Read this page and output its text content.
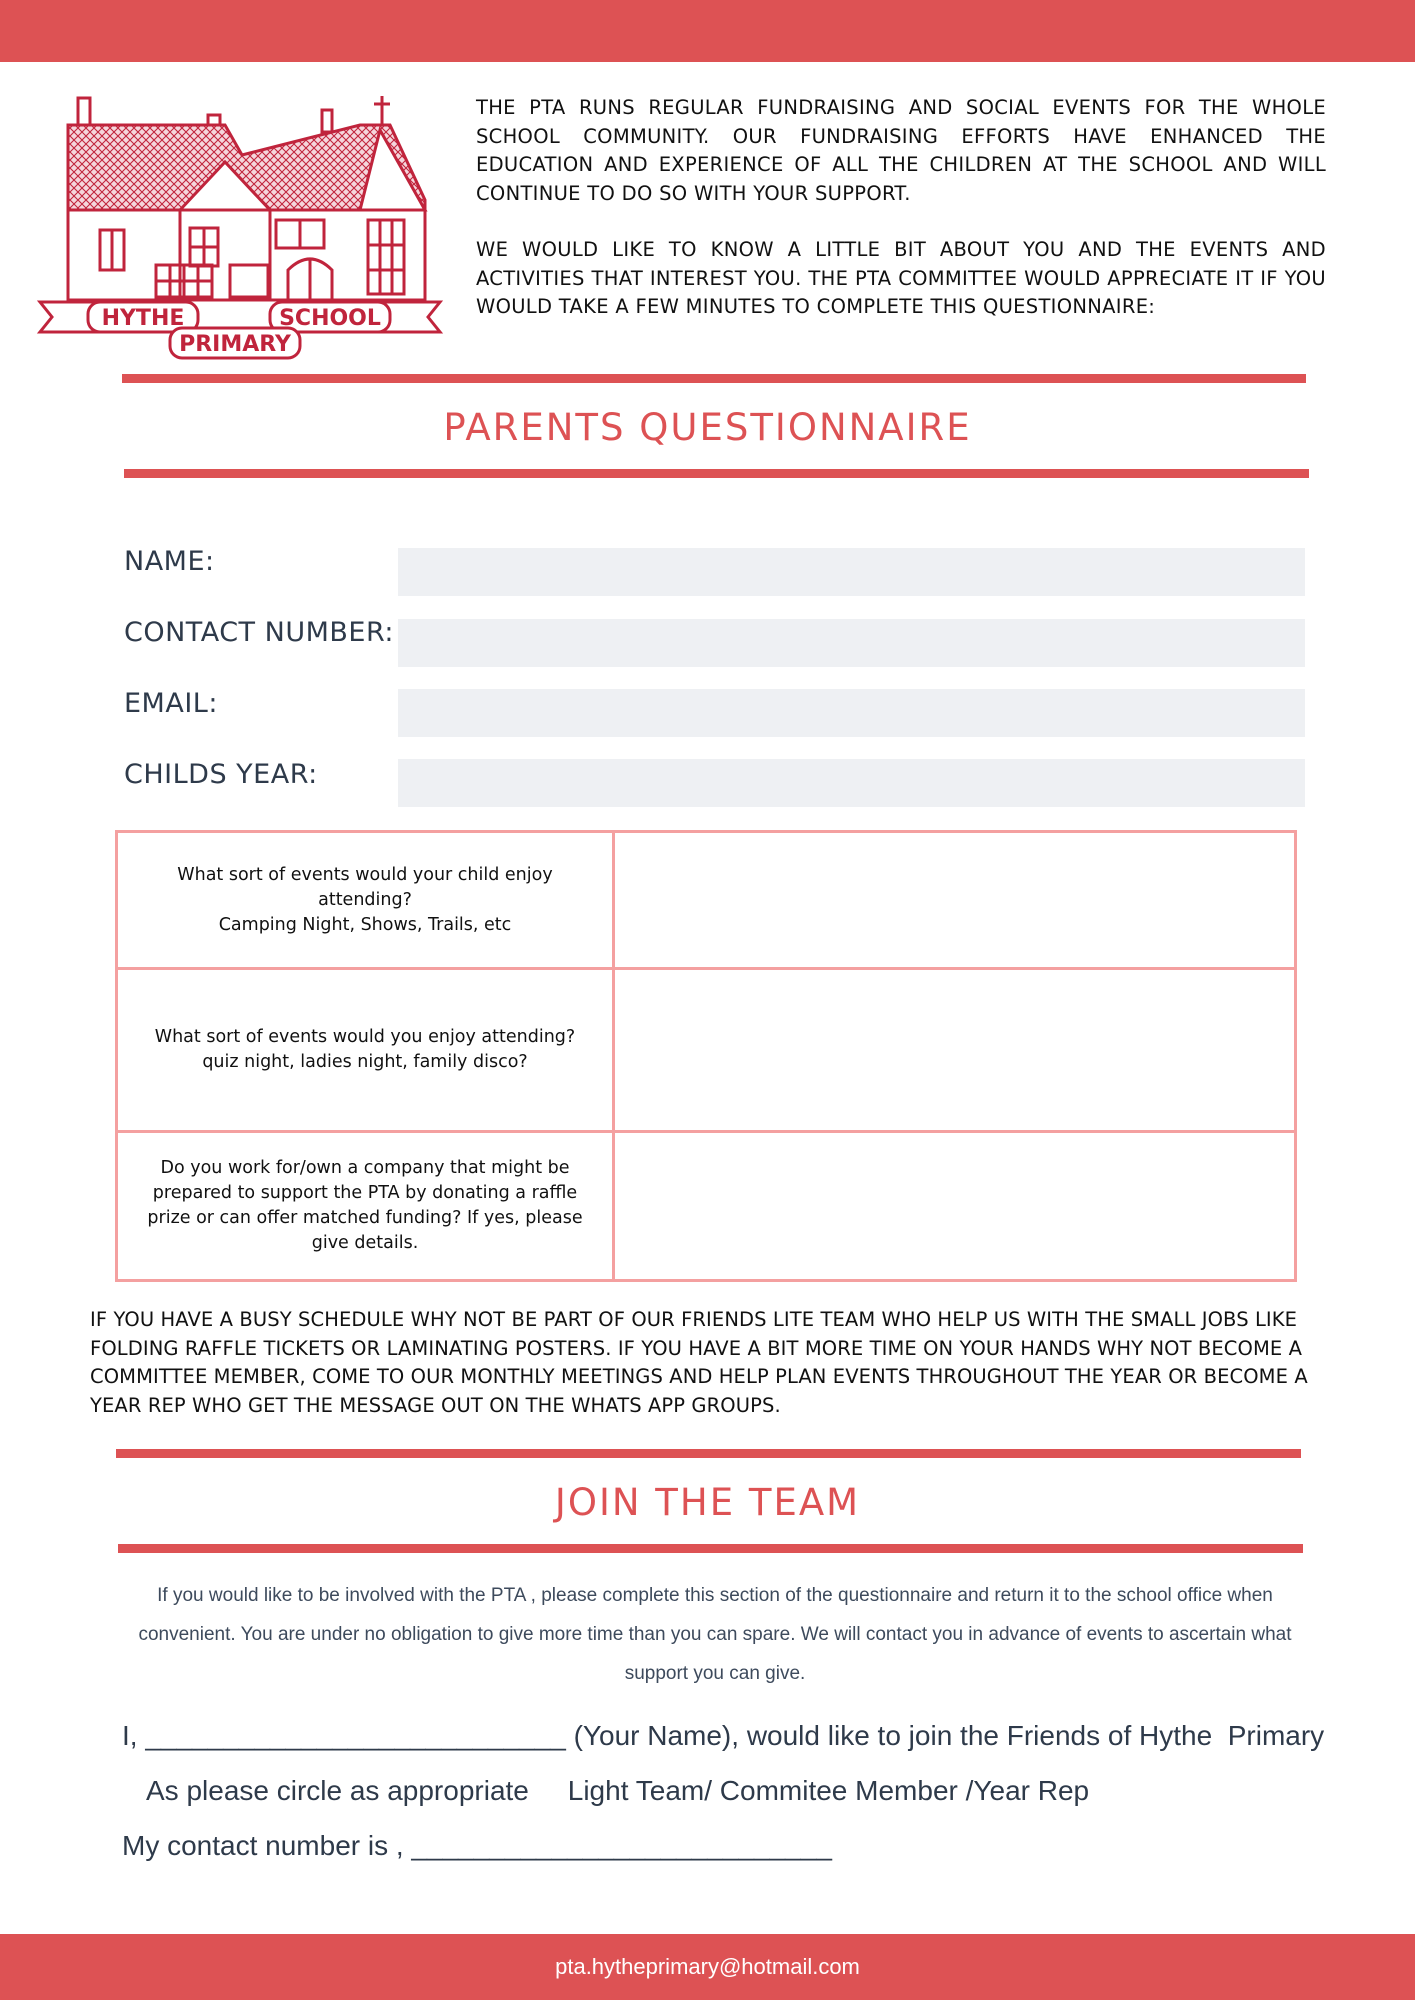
HYTHE	SCHOOL
PRIMARY

THE PTA RUNS REGULAR FUNDRAISING AND SOCIAL EVENTS FOR THE WHOLE SCHOOL COMMUNITY. OUR FUNDRAISING EFFORTS HAVE ENHANCED THE EDUCATION AND EXPERIENCE OF ALL THE CHILDREN AT THE SCHOOL AND WILL CONTINUE TO DO SO WITH YOUR SUPPORT.

WE WOULD LIKE TO KNOW A LITTLE BIT ABOUT YOU AND THE EVENTS AND ACTIVITIES THAT INTEREST YOU. THE PTA COMMITTEE WOULD APPRECIATE IT IF YOU WOULD TAKE A FEW MINUTES TO COMPLETE THIS QUESTIONNAIRE:

PARENTS QUESTIONNAIRE
NAME:
CONTACT NUMBER:
EMAIL:
CHILDS YEAR:
What sort of events would your child enjoy attending?
Camping Night, Shows, Trails, etc	

What sort of events would you enjoy attending?
quiz night, ladies night, family disco?	

Do you work for/own a company that might be prepared to support the PTA by donating a raffle prize or can offer matched funding? If yes, please give details.	

IF YOU HAVE A BUSY SCHEDULE WHY NOT BE PART OF OUR FRIENDS LITE TEAM WHO HELP US WITH THE SMALL JOBS LIKE FOLDING RAFFLE TICKETS OR LAMINATING POSTERS. IF YOU HAVE A BIT MORE TIME ON YOUR HANDS WHY NOT BECOME A COMMITTEE MEMBER, COME TO OUR MONTHLY MEETINGS AND HELP PLAN EVENTS THROUGHOUT THE YEAR OR BECOME A YEAR REP WHO GET THE MESSAGE OUT ON THE WHATS APP GROUPS.
JOIN THE TEAM
If you would like to be involved with the PTA , please complete this section of the questionnaire and return it to the school office when convenient. You are under no obligation to give more time than you can spare. We will contact you in advance of events to ascertain what support you can give.
I, ___________________________ (Your Name), would like to join the Friends of Hythe  Primary
As please circle as appropriate     Light Team/ Commitee Member /Year Rep
My contact number is , ___________________________
pta.hytheprimary@hotmail.com
